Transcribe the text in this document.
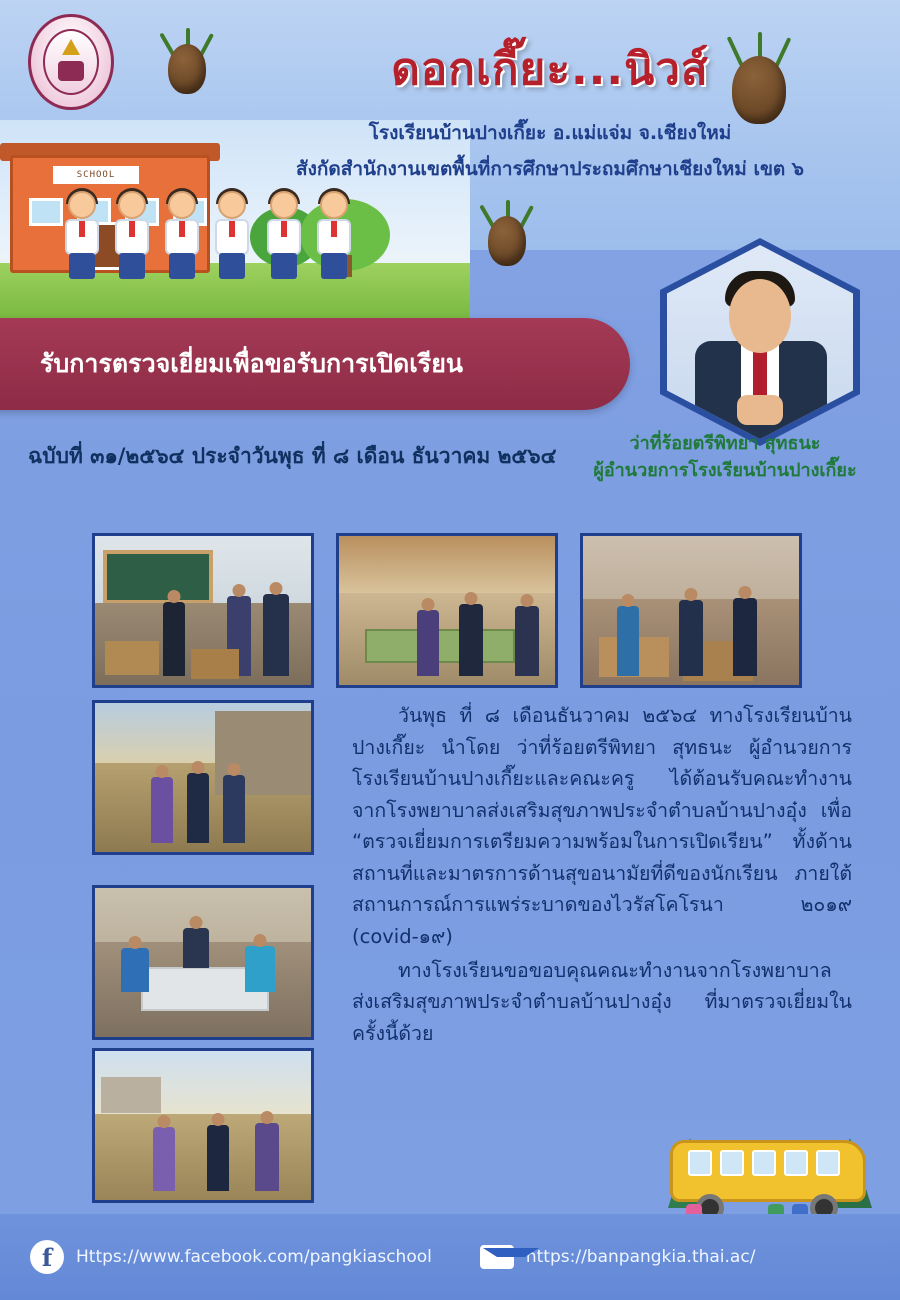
SCHOOL
ดอกเกี๊ยะ...นิวส์
โรงเรียนบ้านปางเกี๊ยะ อ.แม่แจ่ม จ.เชียงใหม่
สังกัดสำนักงานเขตพื้นที่การศึกษาประถมศึกษาเชียงใหม่ เขต ๖
รับการตรวจเยี่ยมเพื่อขอรับการเปิดเรียน
ฉบับที่ ๓๑/๒๕๖๔ ประจำวันพุธ ที่ ๘ เดือน ธันวาคม ๒๕๖๔
ว่าที่ร้อยตรีพิทยา สุทธนะ
ผู้อำนวยการโรงเรียนบ้านปางเกี๊ยะ

วันพุธ ที่ ๘ เดือนธันวาคม ๒๕๖๔ ทางโรงเรียนบ้านปางเกี๊ยะ นำโดย ว่าที่ร้อยตรีพิทยา สุทธนะ ผู้อำนวยการโรงเรียนบ้านปางเกี๊ยะและคณะครู ได้ต้อนรับคณะทำงานจากโรงพยาบาลส่งเสริมสุขภาพประจำตำบลบ้านปางอุ๋ง เพื่อ “ตรวจเยี่ยมการเตรียมความพร้อมในการเปิดเรียน” ทั้งด้านสถานที่และมาตรการด้านสุขอนามัยที่ดีของนักเรียน ภายใต้สถานการณ์การแพร่ระบาดของไวรัสโคโรนา ๒๐๑๙ (covid-๑๙)

ทางโรงเรียนขอขอบคุณคณะทำงานจากโรงพยาบาลส่งเสริมสุขภาพประจำตำบลบ้านปางอุ๋ง ที่มาตรวจเยี่ยมในครั้งนี้ด้วย

f	Https://www.facebook.com/pangkiaschool	https://banpangkia.thai.ac/
